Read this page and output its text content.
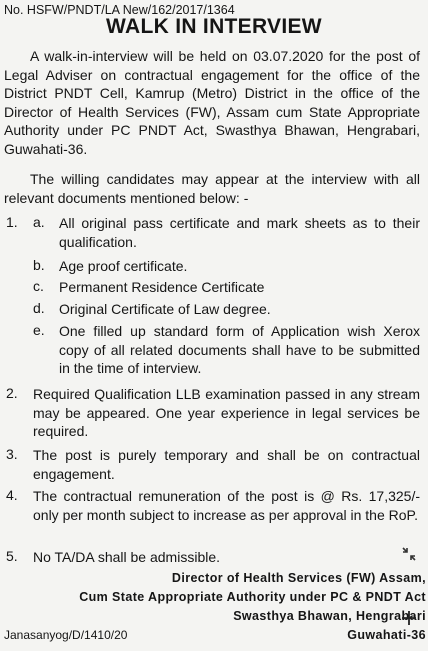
No. HSFW/PNDT/LA New/162/2017/1364
WALK IN INTERVIEW
A walk-in-interview will be held on 03.07.2020 for the post of Legal Adviser on contractual engagement for the office of the District PNDT Cell, Kamrup (Metro) District in the office of the Director of Health Services (FW), Assam cum State Appropriate Authority under PC PNDT Act, Swasthya Bhawan, Hengrabari, Guwahati-36.
The willing candidates may appear at the interview with all relevant documents mentioned below: -
1. a. All original pass certificate and mark sheets as to their qualification.
b. Age proof certificate.
c. Permanent Residence Certificate
d. Original Certificate of Law degree.
e. One filled up standard form of Application wish Xerox copy of all related documents shall have to be submitted in the time of interview.
2. Required Qualification LLB examination passed in any stream may be appeared. One year experience in legal services be required.
3. The post is purely temporary and shall be on contractual engagement.
4. The contractual remuneration of the post is @ Rs. 17,325/- only per month subject to increase as per approval in the RoP.
5. No TA/DA shall be admissible.
Director of Health Services (FW) Assam,
Cum State Appropriate Authority under PC & PNDT Act
Swasthya Bhawan, Hengrabari
Guwahati-36
Janasanyog/D/1410/20
